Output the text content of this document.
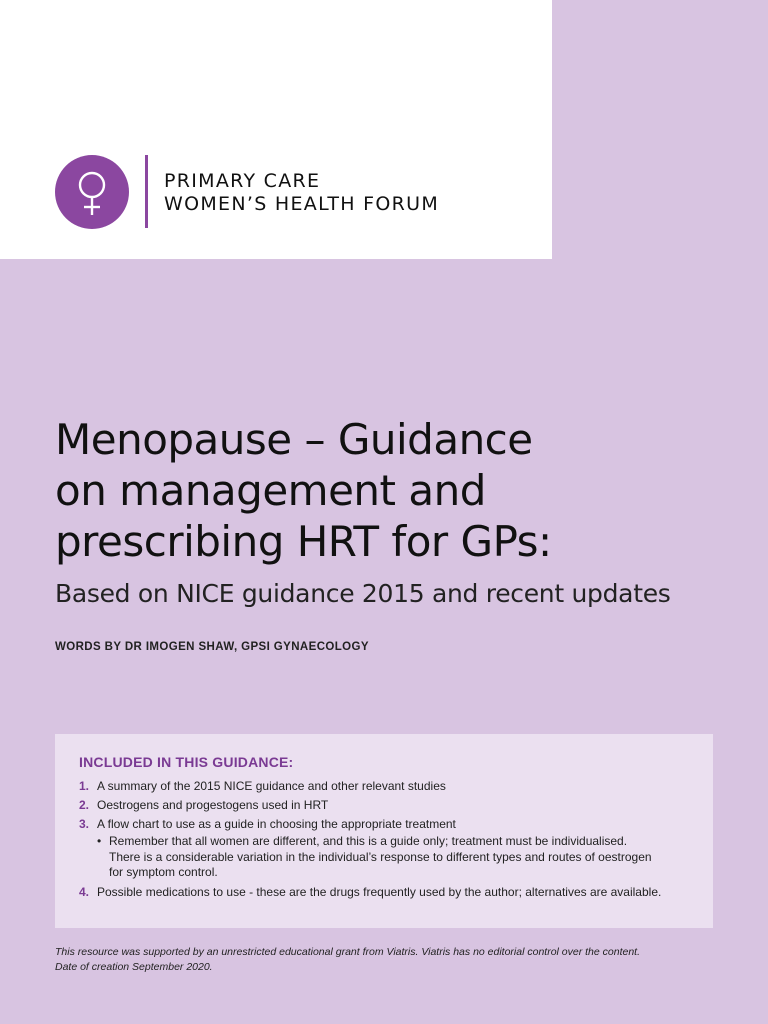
PRIMARY CARE
WOMEN’S HEALTH FORUM
Menopause – Guidance
on management and
prescribing HRT for GPs:
Based on NICE guidance 2015 and recent updates
WORDS BY DR IMOGEN SHAW, GPSI GYNAECOLOGY
INCLUDED IN THIS GUIDANCE:
1. A summary of the 2015 NICE guidance and other relevant studies
2. Oestrogens and progestogens used in HRT
3. A flow chart to use as a guide in choosing the appropriate treatment
• Remember that all women are different, and this is a guide only; treatment must be individualised.
There is a considerable variation in the individual’s response to different types and routes of oestrogen
for symptom control.
4. Possible medications to use - these are the drugs frequently used by the author; alternatives are available.
This resource was supported by an unrestricted educational grant from Viatris. Viatris has no editorial control over the content.
Date of creation September 2020.
